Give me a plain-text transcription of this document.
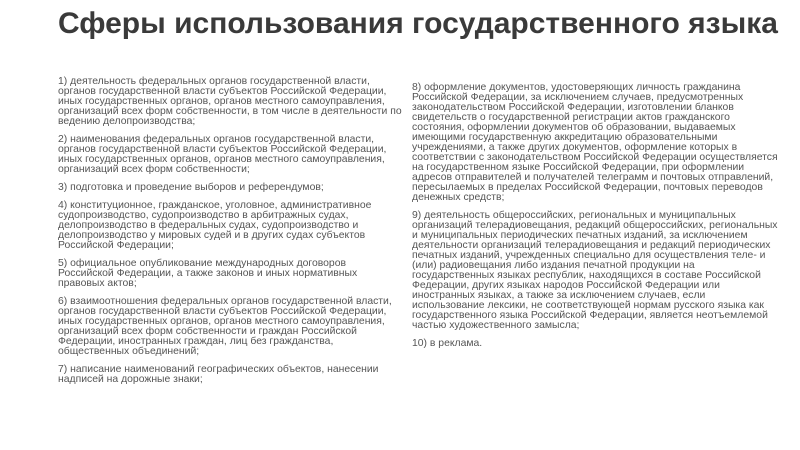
Сферы использования государственного языка

1) деятельность федеральных органов государственной власти, органов государственной власти субъектов Российской Федерации, иных государственных органов, органов местного самоуправления, организаций всех форм собственности, в том числе в деятельности по ведению делопроизводства;

2) наименования федеральных органов государственной власти, органов государственной власти субъектов Российской Федерации, иных государственных органов, органов местного самоуправления, организаций всех форм собственности;

3) подготовка и проведение выборов и референдумов;

4) конституционное, гражданское, уголовное, административное судопроизводство, судопроизводство в арбитражных судах, делопроизводство в федеральных судах, судопроизводство и делопроизводство у мировых судей и в других судах субъектов Российской Федерации;

5) официальное опубликование международных договоров Российской Федерации, а также законов и иных нормативных правовых актов;

6) взаимоотношения федеральных органов государственной власти, органов государственной власти субъектов Российской Федерации, иных государственных органов, органов местного самоуправления, организаций всех форм собственности и граждан Российской Федерации, иностранных граждан, лиц без гражданства, общественных объединений;

7) написание наименований географических объектов, нанесении надписей на дорожные знаки;

8) оформление документов, удостоверяющих личность гражданина Российской Федерации, за исключением случаев, предусмотренных законодательством Российской Федерации, изготовлении бланков свидетельств о государственной регистрации актов гражданского состояния, оформлении документов об образовании, выдаваемых имеющими государственную аккредитацию образовательными учреждениями, а также других документов, оформление которых в соответствии с законодательством Российской Федерации осуществляется на государственном языке Российской Федерации, при оформлении адресов отправителей и получателей телеграмм и почтовых отправлений, пересылаемых в пределах Российской Федерации, почтовых переводов денежных средств;

9) деятельность общероссийских, региональных и муниципальных организаций телерадиовещания, редакций общероссийских, региональных и муниципальных периодических печатных изданий, за исключением деятельности организаций телерадиовещания и редакций периодических печатных изданий, учрежденных специально для осуществления теле- и (или) радиовещания либо издания печатной продукции на государственных языках республик, находящихся в составе Российской Федерации, других языках народов Российской Федерации или иностранных языках, а также за исключением случаев, если использование лексики, не соответствующей нормам русского языка как государственного языка Российской Федерации, является неотъемлемой частью художественного замысла;

10) в реклама.
